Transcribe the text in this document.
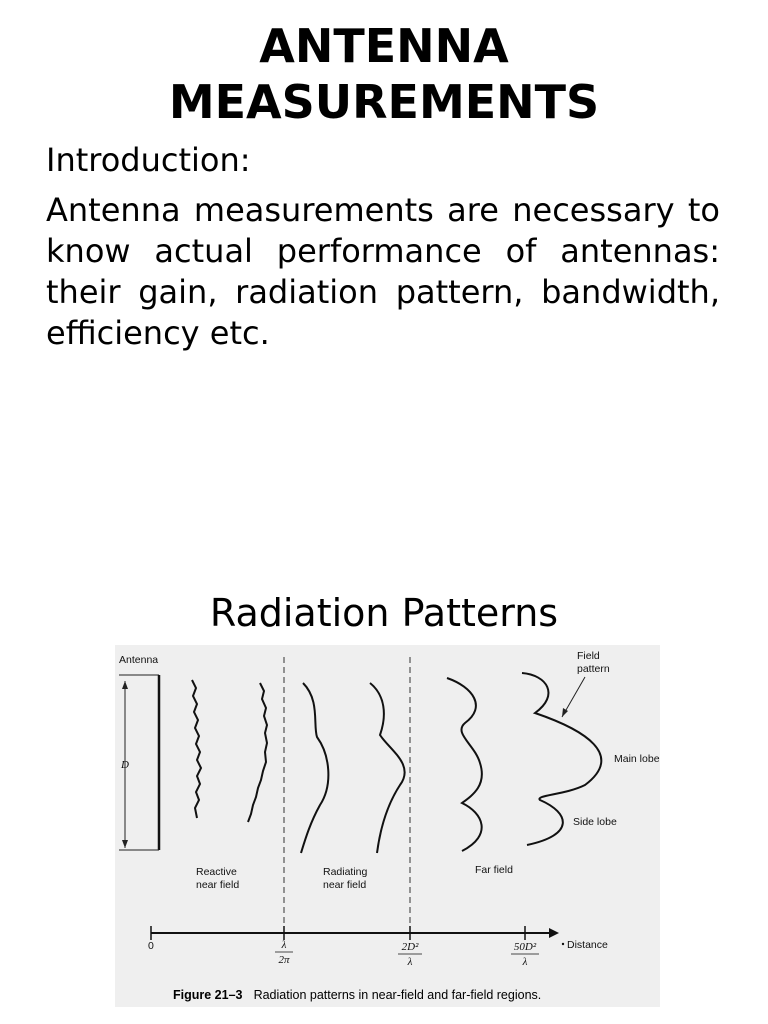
ANTENNA
MEASUREMENTS
Introduction:
Antenna measurements are necessary to know actual performance of antennas: their gain, radiation pattern, bandwidth, efficiency etc.
Radiation Patterns
Antenna
D
Field
pattern
Main lobe
Side lobe
Reactive
near field
Radiating
near field
Far field
0	Distance
λ
2π
2D²
λ
50D²
λ
Figure 21–3 Radiation patterns in near-field and far-field regions.
